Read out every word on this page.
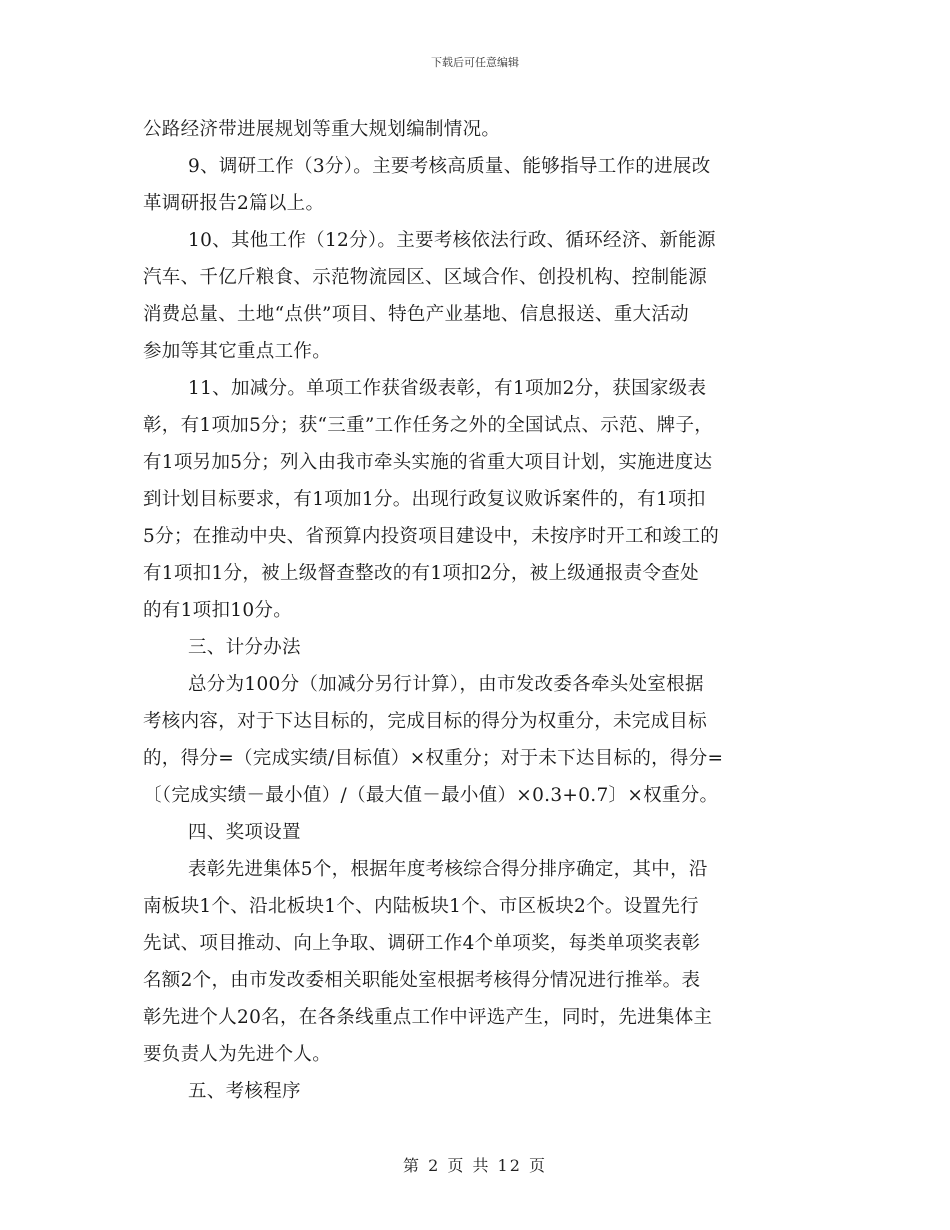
下载后可任意编辑
公路经济带进展规划等重大规划编制情况。
9、调研工作（3分）。主要考核高质量、能够指导工作的进展改
革调研报告2篇以上。
10、其他工作（12分）。主要考核依法行政、循环经济、新能源
汽车、千亿斤粮食、示范物流园区、区域合作、创投机构、控制能源
消费总量、土地“点供”项目、特色产业基地、信息报送、重大活动
参加等其它重点工作。
11、加减分。单项工作获省级表彰，有1项加2分，获国家级表
彰，有1项加5分；获“三重”工作任务之外的全国试点、示范、牌子，
有1项另加5分；列入由我市牵头实施的省重大项目计划，实施进度达
到计划目标要求，有1项加1分。出现行政复议败诉案件的，有1项扣
5分；在推动中央、省预算内投资项目建设中，未按序时开工和竣工的
有1项扣1分，被上级督查整改的有1项扣2分，被上级通报责令查处
的有1项扣10分。
三、计分办法
总分为100分（加减分另行计算），由市发改委各牵头处室根据
考核内容，对于下达目标的，完成目标的得分为权重分，未完成目标
的，得分=（完成实绩/目标值）×权重分；对于未下达目标的，得分=
〔（完成实绩－最小值）/（最大值－最小值）×0.3+0.7〕×权重分。
四、奖项设置
表彰先进集体5个，根据年度考核综合得分排序确定，其中，沿
南板块1个、沿北板块1个、内陆板块1个、市区板块2个。设置先行
先试、项目推动、向上争取、调研工作4个单项奖，每类单项奖表彰
名额2个，由市发改委相关职能处室根据考核得分情况进行推举。表
彰先进个人20名，在各条线重点工作中评选产生，同时，先进集体主
要负责人为先进个人。
五、考核程序
第 2 页 共 12 页
